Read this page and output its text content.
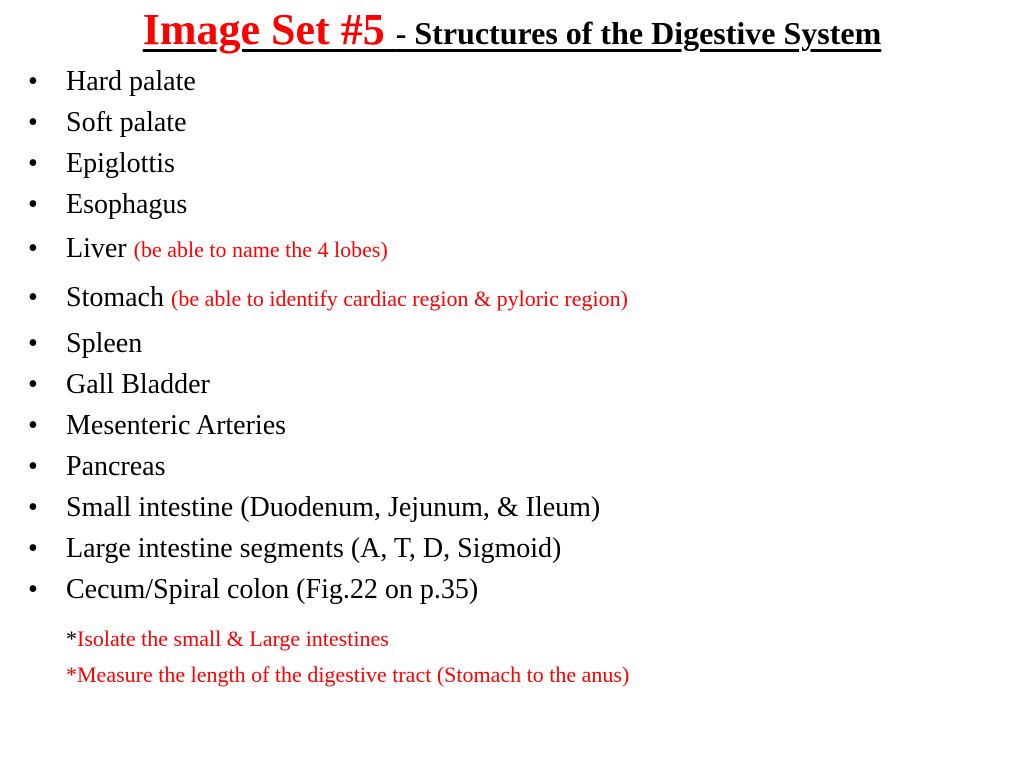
Image Set #5 - Structures of the Digestive System
• Hard palate
• Soft palate
• Epiglottis
• Esophagus
• Liver (be able to name the 4 lobes)
• Stomach (be able to identify cardiac region & pyloric region)
• Spleen
• Gall Bladder
• Mesenteric Arteries
• Pancreas
• Small intestine (Duodenum, Jejunum, & Ileum)
• Large intestine segments (A, T, D, Sigmoid)
• Cecum/Spiral colon (Fig.22 on p.35)
*Isolate the small & Large intestines
*Measure the length of the digestive tract (Stomach to the anus)
